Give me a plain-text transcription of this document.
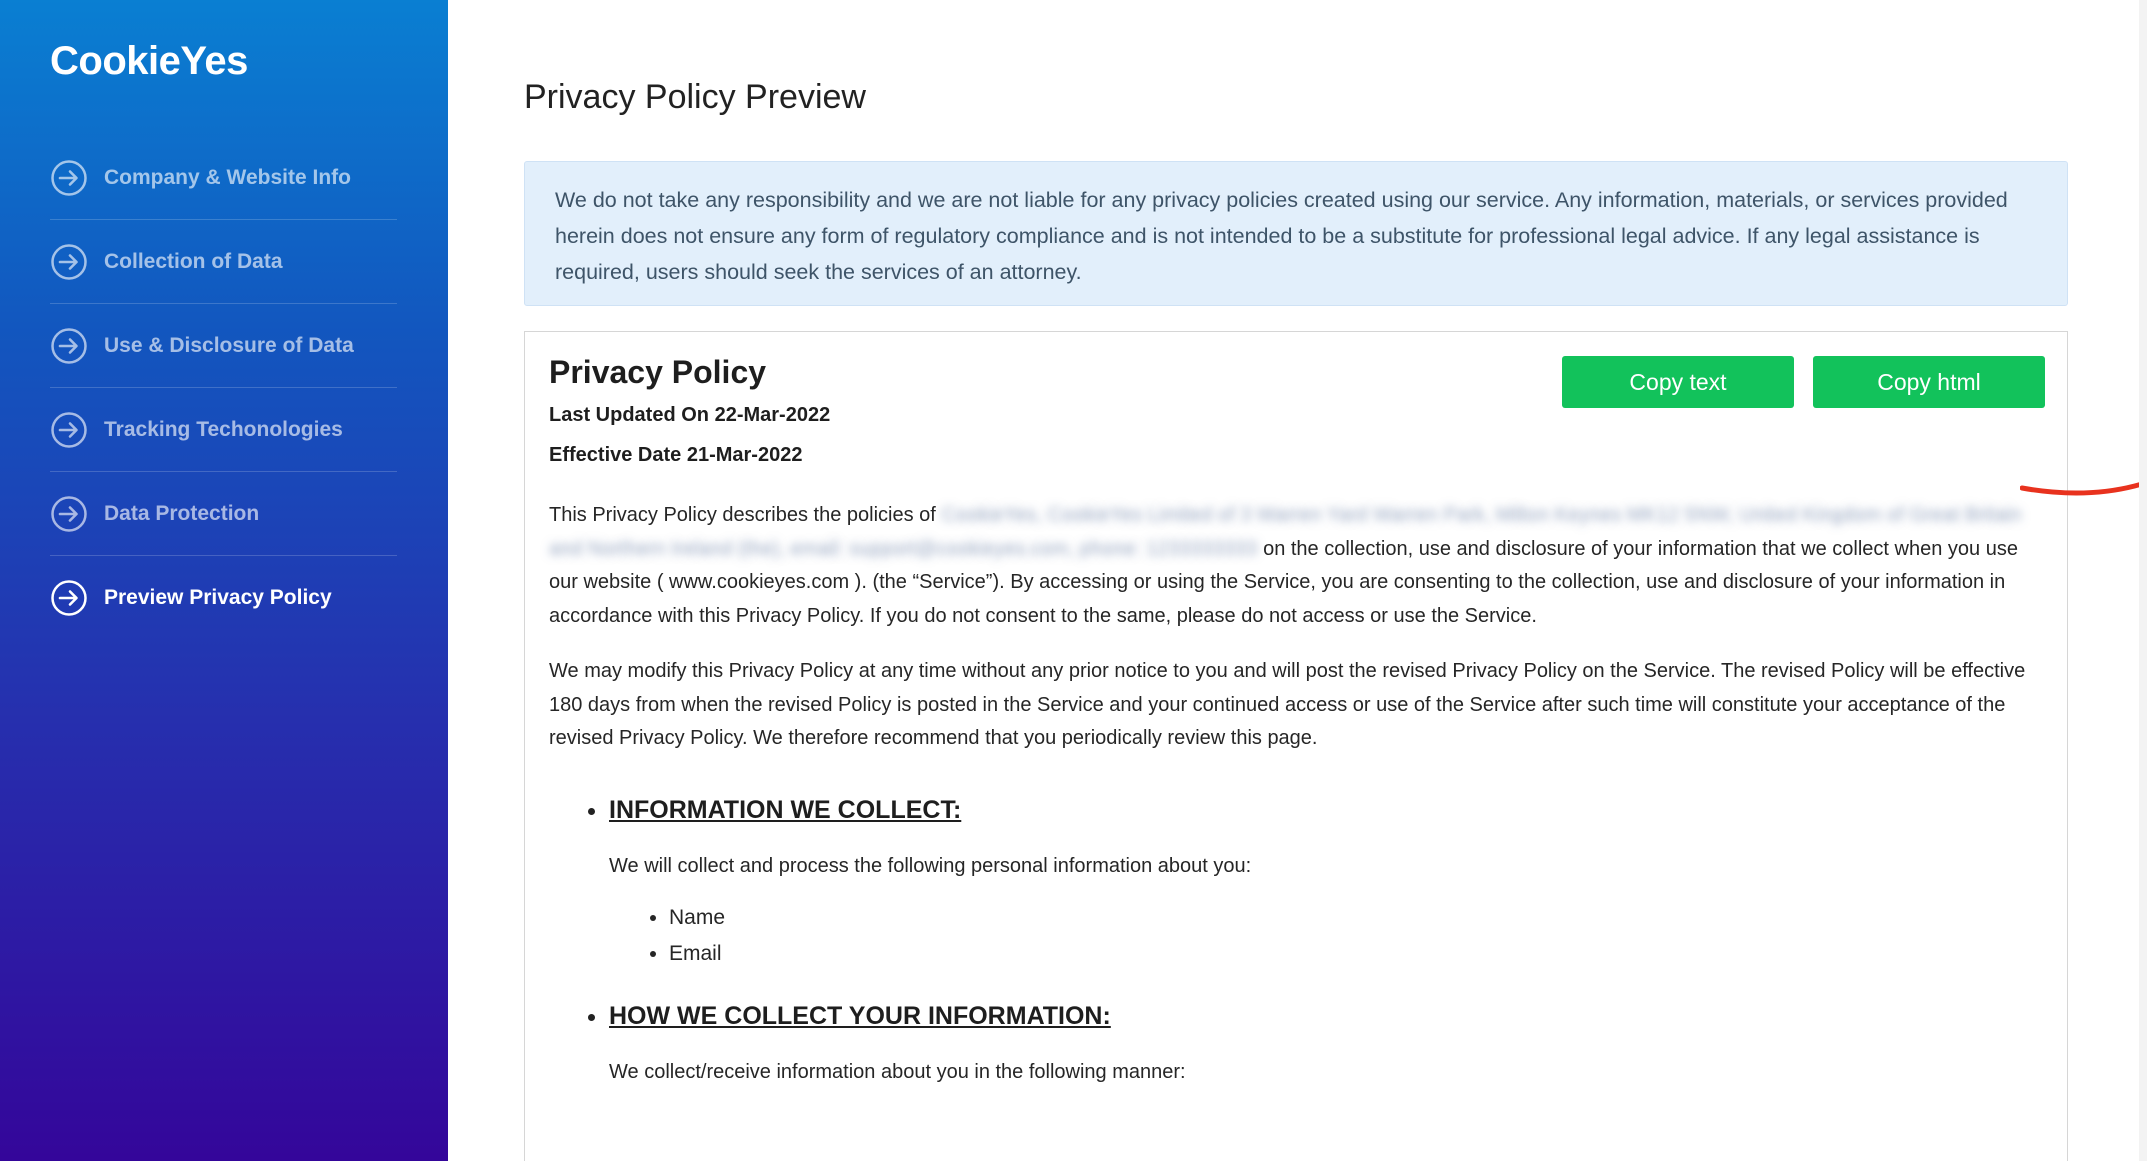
CookieYes
Company & Website Info
Collection of Data
Use & Disclosure of Data
Tracking Techonologies
Data Protection
Preview Privacy Policy
Privacy Policy Preview
We do not take any responsibility and we are not liable for any privacy policies created using our service. Any information, materials, or services provided herein does not ensure any form of regulatory compliance and is not intended to be a substitute for professional legal advice. If any legal assistance is required, users should seek the services of an attorney.
Privacy Policy
Last Updated On 22-Mar-2022
Effective Date 21-Mar-2022
Copy text	Copy html

This Privacy Policy describes the policies of CookieYes, CookieYes Limited of 3 Warren Yard Warren Park, Milton Keynes MK12 5NW, United Kingdom of Great Britain and Northern Ireland (the), email: support@cookieyes.com, phone: 1233333333 on the collection, use and disclosure of your information that we collect when you use our website ( www.cookieyes.com ). (the “Service”). By accessing or using the Service, you are consenting to the collection, use and disclosure of your information in accordance with this Privacy Policy. If you do not consent to the same, please do not access or use the Service.

We may modify this Privacy Policy at any time without any prior notice to you and will post the revised Privacy Policy on the Service. The revised Policy will be effective 180 days from when the revised Policy is posted in the Service and your continued access or use of the Service after such time will constitute your acceptance of the revised Privacy Policy. We therefore recommend that you periodically review this page.

• INFORMATION WE COLLECT:

We will collect and process the following personal information about you:

• Name
• Email
• HOW WE COLLECT YOUR INFORMATION:

We collect/receive information about you in the following manner:
